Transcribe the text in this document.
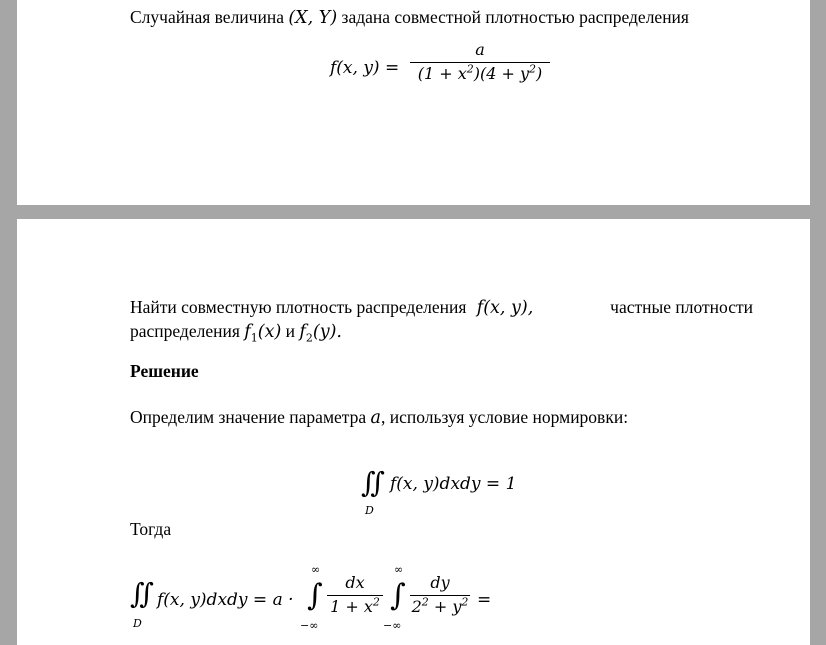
Случайная величина (X, Y) задана совместной плотностью распределения
f(x, y) =
a
$(1 + x^2)(4 + y^2)$
Найти совместную плотность распределения f(x, y),	частные плотности
распределения $f_1(x)$ и $f_2(y)$.
Решение
Определим значение параметра a, используя условие нормировки:
∬
D
f(x, y)dxdy = 1
Тогда
∬
D
f(x, y)dxdy = a ·
∞
∫
−∞
dx
$1 + x^2$
∞
∫
−∞
dy
$2^2 + y^2$ =
